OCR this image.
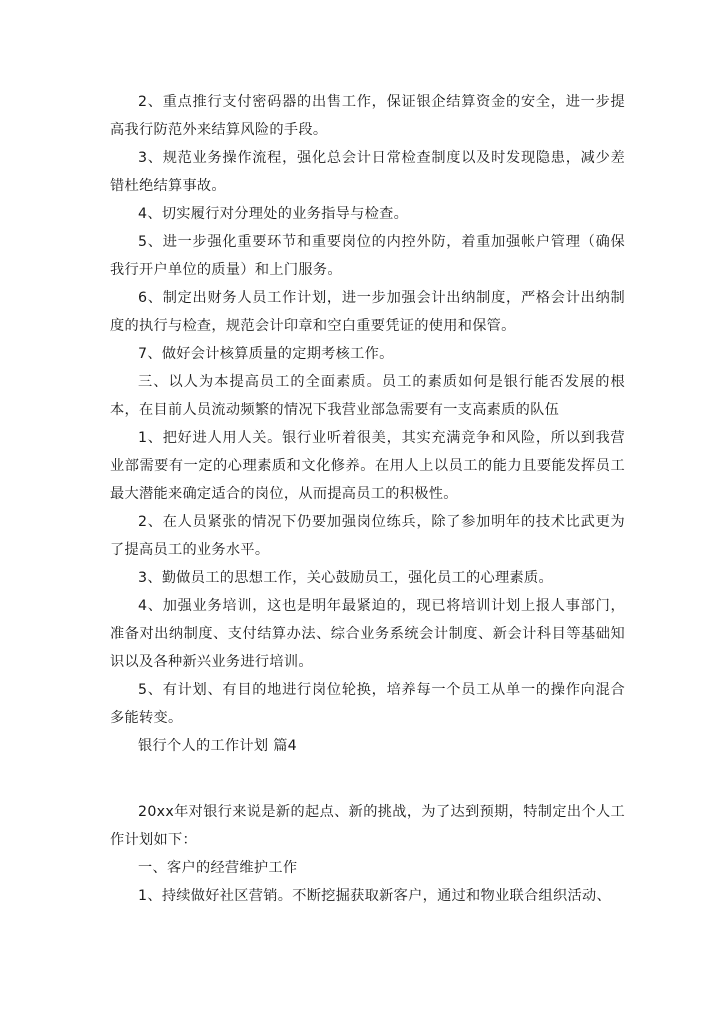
2、重点推行支付密码器的出售工作，保证银企结算资金的安全，进一步提高我行防范外来结算风险的手段。

3、规范业务操作流程，强化总会计日常检查制度以及时发现隐患，减少差错杜绝结算事故。

4、切实履行对分理处的业务指导与检查。

5、进一步强化重要环节和重要岗位的内控外防，着重加强帐户管理（确保我行开户单位的质量）和上门服务。

6、制定出财务人员工作计划，进一步加强会计出纳制度，严格会计出纳制度的执行与检查，规范会计印章和空白重要凭证的使用和保管。

7、做好会计核算质量的定期考核工作。

三、以人为本提高员工的全面素质。员工的素质如何是银行能否发展的根本，在目前人员流动频繁的情况下我营业部急需要有一支高素质的队伍

1、把好进人用人关。银行业听着很美，其实充满竞争和风险，所以到我营业部需要有一定的心理素质和文化修养。在用人上以员工的能力且要能发挥员工最大潜能来确定适合的岗位，从而提高员工的积极性。

2、在人员紧张的情况下仍要加强岗位练兵，除了参加明年的技术比武更为了提高员工的业务水平。

3、勤做员工的思想工作，关心鼓励员工，强化员工的心理素质。

4、加强业务培训，这也是明年最紧迫的，现已将培训计划上报人事部门，准备对出纳制度、支付结算办法、综合业务系统会计制度、新会计科目等基础知识以及各种新兴业务进行培训。

5、有计划、有目的地进行岗位轮换，培养每一个员工从单一的操作向混合多能转变。

银行个人的工作计划 篇4

20xx年对银行来说是新的起点、新的挑战，为了达到预期，特制定出个人工作计划如下：

一、客户的经营维护工作

1、持续做好社区营销。不断挖掘获取新客户，通过和物业联合组织活动、
